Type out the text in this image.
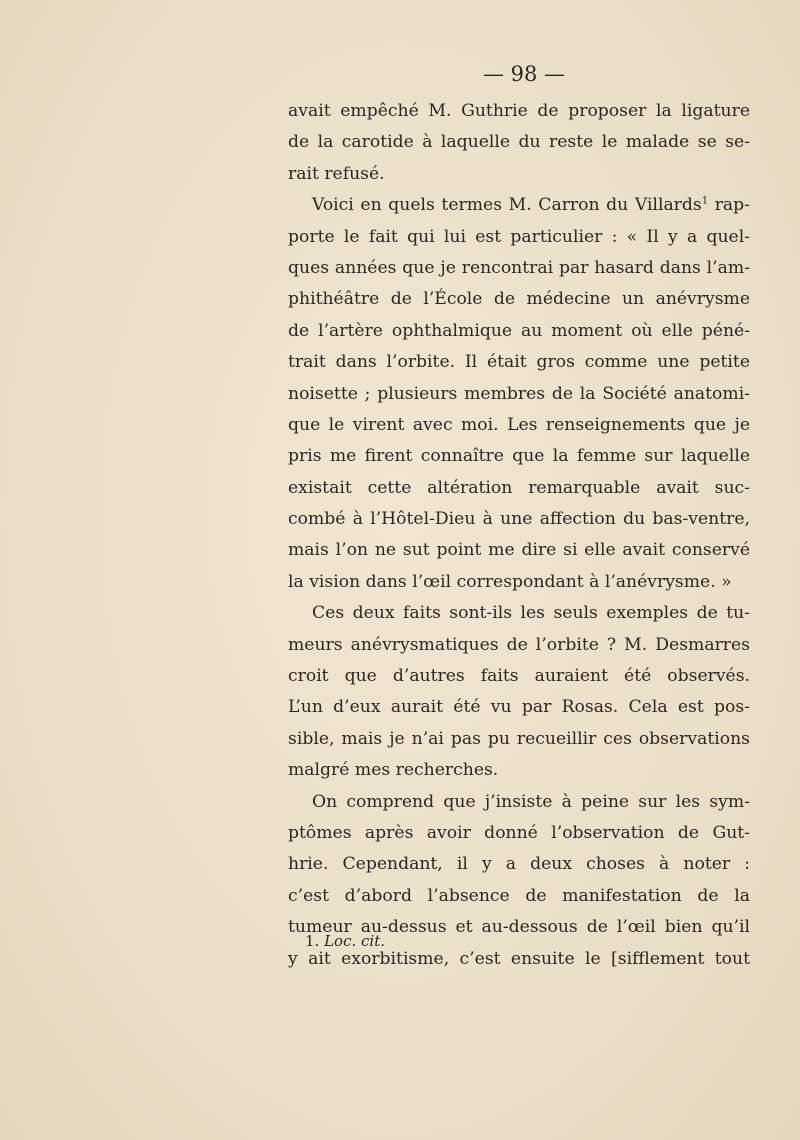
— 98 —
avait empêché M. Guthrie de proposer la ligature
de la carotide à laquelle du reste le malade se se-
rait refusé.
Voici en quels termes M. Carron du Villards$^1$ rap-
porte le fait qui lui est particulier : « Il y a quel-
ques années que je rencontrai par hasard dans l’am-
phithéâtre de l’École de médecine un anévrysme
de l’artère ophthalmique au moment où elle péné-
trait dans l’orbite. Il était gros comme une petite
noisette ; plusieurs membres de la Société anatomi-
que le virent avec moi. Les renseignements que je
pris me firent connaître que la femme sur laquelle
existait cette altération remarquable avait suc-
combé à l’Hôtel-Dieu à une affection du bas-ventre,
mais l’on ne sut point me dire si elle avait conservé
la vision dans l’œil correspondant à l’anévrysme. »
Ces deux faits sont-ils les seuls exemples de tu-
meurs anévrysmatiques de l’orbite ? M. Desmarres
croit que d’autres faits auraient été observés.
L’un d’eux aurait été vu par Rosas. Cela est pos-
sible, mais je n’ai pas pu recueillir ces observations
malgré mes recherches.
On comprend que j’insiste à peine sur les sym-
ptômes après avoir donné l’observation de Gut-
hrie. Cependant, il y a deux choses à noter :
c’est d’abord l’absence de manifestation de la
tumeur au-dessus et au-dessous de l’œil bien qu’il
y ait exorbitisme, c’est ensuite le [sifflement tout
1. Loc. cit.
